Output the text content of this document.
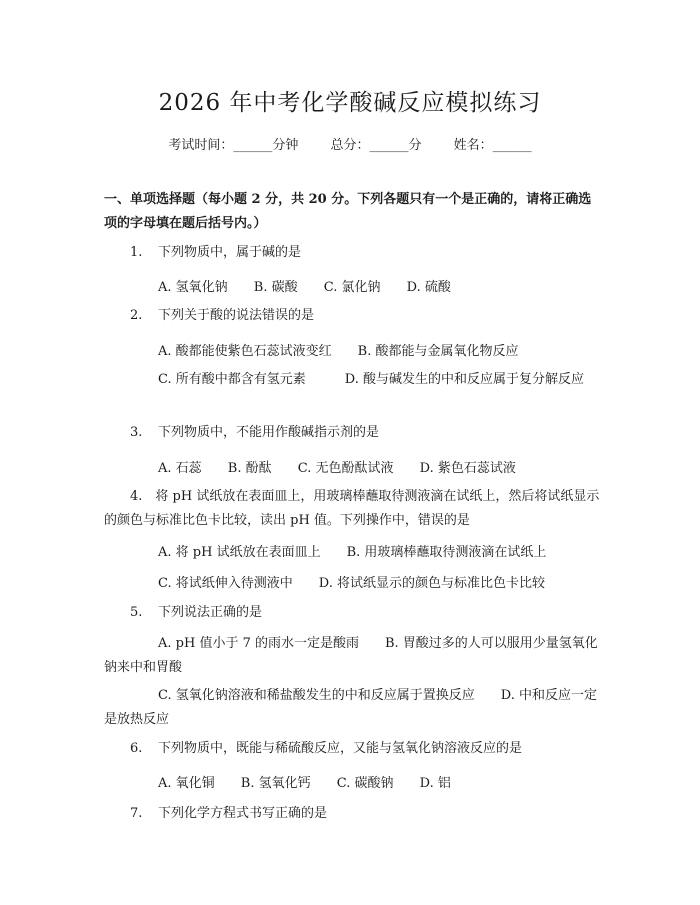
2026 年中考化学酸碱反应模拟练习
考试时间：______分钟 总分：______分 姓名：______
一、单项选择题（每小题 2 分，共 20 分。下列各题只有一个是正确的，请将正确选项的字母填在题后括号内。）
1. 下列物质中，属于碱的是
A. 氢氧化钠 B. 碳酸 C. 氯化钠 D. 硫酸
2. 下列关于酸的说法错误的是
A. 酸都能使紫色石蕊试液变红　　B. 酸都能与金属氧化物反应
C. 所有酸中都含有氢元素　　　D. 酸与碱发生的中和反应属于复分解反应
3. 下列物质中，不能用作酸碱指示剂的是
A. 石蕊 B. 酚酞 C. 无色酚酞试液 D. 紫色石蕊试液
4.　将 pH 试纸放在表面皿上，用玻璃棒蘸取待测液滴在试纸上，然后将试纸显示的颜色与标准比色卡比较，读出 pH 值。下列操作中，错误的是
A. 将 pH 试纸放在表面皿上　　B. 用玻璃棒蘸取待测液滴在试纸上
C. 将试纸伸入待测液中　　D. 将试纸显示的颜色与标准比色卡比较
5. 下列说法正确的是
A. pH 值小于 7 的雨水一定是酸雨　　B. 胃酸过多的人可以服用少量氢氧化钠来中和胃酸
C. 氢氧化钠溶液和稀盐酸发生的中和反应属于置换反应　　D. 中和反应一定是放热反应
6. 下列物质中，既能与稀硫酸反应，又能与氢氧化钠溶液反应的是
A. 氧化铜 B. 氢氧化钙 C. 碳酸钠 D. 铝
7. 下列化学方程式书写正确的是
